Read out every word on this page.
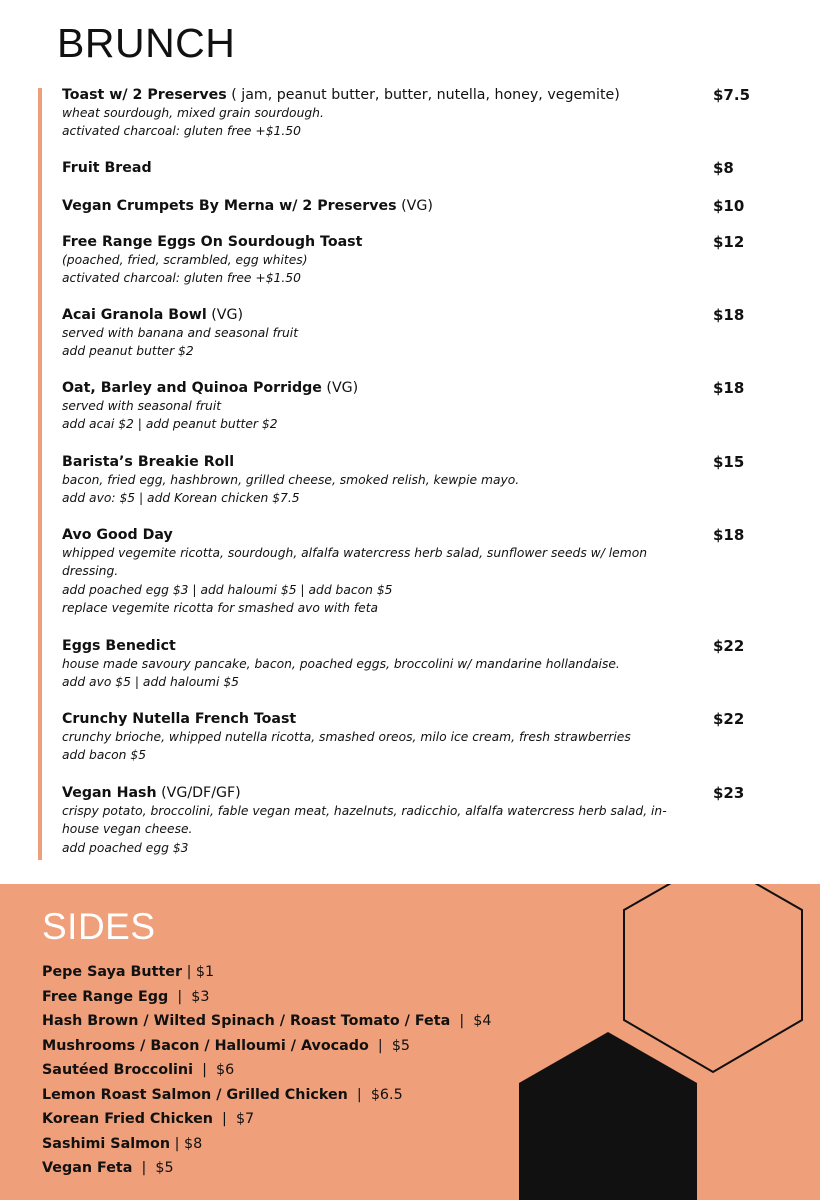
BRUNCH
Toast w/ 2 Preserves ( jam, peanut butter, butter, nutella, honey, vegemite)	$7.5
wheat sourdough, mixed grain sourdough.
activated charcoal: gluten free +$1.50
Fruit Bread	$8
Vegan Crumpets By Merna w/ 2 Preserves (VG)	$10
Free Range Eggs On Sourdough Toast	$12
(poached, fried, scrambled, egg whites)
activated charcoal: gluten free +$1.50
Acai Granola Bowl (VG)	$18
served with banana and seasonal fruit
add peanut butter $2
Oat, Barley and Quinoa Porridge (VG)	$18
served with seasonal fruit
add acai $2 | add peanut butter $2
Barista’s Breakie Roll	$15
bacon, fried egg, hashbrown, grilled cheese, smoked relish, kewpie mayo.
add avo: $5 | add Korean chicken $7.5
Avo Good Day	$18
whipped vegemite ricotta, sourdough, alfalfa watercress herb salad, sunflower seeds w/ lemon dressing.
add poached egg $3 | add haloumi $5 | add bacon $5
replace vegemite ricotta for smashed avo with feta
Eggs Benedict	$22
house made savoury pancake, bacon, poached eggs, broccolini w/ mandarine hollandaise.
add avo $5 | add haloumi $5
Crunchy Nutella French Toast	$22
crunchy brioche, whipped nutella ricotta, smashed oreos, milo ice cream, fresh strawberries
add bacon $5
Vegan Hash (VG/DF/GF)	$23
crispy potato, broccolini, fable vegan meat, hazelnuts, radicchio, alfalfa watercress herb salad, in-house vegan cheese.
add poached egg $3
SIDES
Pepe Saya Butter | $1
Free Range Egg  |  $3
Hash Brown / Wilted Spinach / Roast Tomato / Feta  |  $4
Mushrooms / Bacon / Halloumi / Avocado  |  $5
Sautéed Broccolini  |  $6
Lemon Roast Salmon / Grilled Chicken  |  $6.5
Korean Fried Chicken  |  $7
Sashimi Salmon | $8
Vegan Feta  |  $5
